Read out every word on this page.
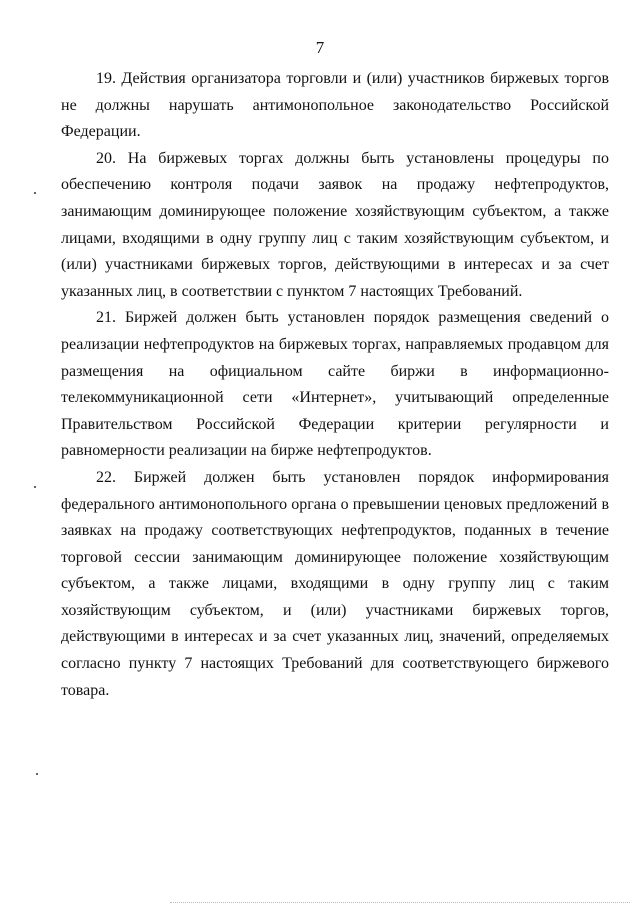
7

19. Действия организатора торговли и (или) участников биржевых торгов не должны нарушать антимонопольное законодательство Российской Федерации.

20. На биржевых торгах должны быть установлены процедуры по обеспечению контроля подачи заявок на продажу нефтепродуктов, занимающим доминирующее положение хозяйствующим субъектом, а также лицами, входящими в одну группу лиц с таким хозяйствующим субъектом, и (или) участниками биржевых торгов, действующими в интересах и за счет указанных лиц, в соответствии с пунктом 7 настоящих Требований.

21. Биржей должен быть установлен порядок размещения сведений о реализации нефтепродуктов на биржевых торгах, направляемых продавцом для размещения на официальном сайте биржи в информационно-телекоммуникационной сети «Интернет», учитывающий определенные Правительством Российской Федерации критерии регулярности и равномерности реализации на бирже нефтепродуктов.

22. Биржей должен быть установлен порядок информирования федерального антимонопольного органа о превышении ценовых предложений в заявках на продажу соответствующих нефтепродуктов, поданных в течение торговой сессии занимающим доминирующее положение хозяйствующим субъектом, а также лицами, входящими в одну группу лиц с таким хозяйствующим субъектом, и (или) участниками биржевых торгов, действующими в интересах и за счет указанных лиц, значений, определяемых согласно пункту 7 настоящих Требований для соответствующего биржевого товара.
